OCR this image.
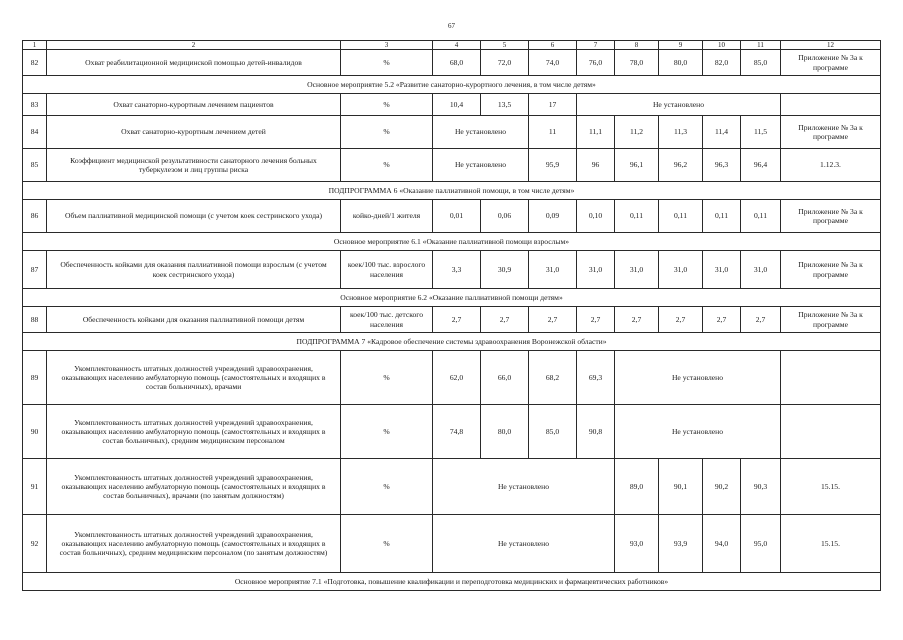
67
1	2	3	4	5	6	7	8	9	10	11	12
82	Охват реабилитационной медицинской помощью детей-инвалидов	%	68,0	72,0	74,0	76,0	78,0	80,0	82,0	85,0	Приложение № 3а к программе
Основное мероприятие 5.2 «Развитие санаторно-курортного лечения, в том числе детям»											
83	Охват санаторно-курортным лечением пациентов	%	10,4	13,5	17	Не установлено					
84	Охват санаторно-курортным лечением детей	%	Не установлено		11	11,1	11,2	11,3	11,4	11,5	Приложение № 3а к программе
85	Коэффициент медицинской результативности санаторного лечения больных туберкулезом и лиц группы риска	%	Не установлено		95,9	96	96,1	96,2	96,3	96,4	1.12.3.
ПОДПРОГРАММА 6 «Оказание паллиативной помощи, в том числе детям»											
86	Объем паллиативной медицинской помощи (с учетом коек сестринского ухода)	койко-дней/1 жителя	0,01	0,06	0,09	0,10	0,11	0,11	0,11	0,11	Приложение № 3а к программе
Основное мероприятие 6.1 «Оказание паллиативной помощи взрослым»											
87	Обеспеченность койками для оказания паллиативной помощи взрослым (с учетом коек сестринского ухода)	коек/100 тыс. взрослого населения	3,3	30,9	31,0	31,0	31,0	31,0	31,0	31,0	Приложение № 3а к программе
Основное мероприятие 6.2 «Оказание паллиативной помощи детям»											
88	Обеспеченность койками для оказания паллиативной помощи детям	коек/100 тыс. детского населения	2,7	2,7	2,7	2,7	2,7	2,7	2,7	2,7	Приложение № 3а к программе
ПОДПРОГРАММА 7 «Кадровое обеспечение системы здравоохранения Воронежской области»											
89	Укомплектованность штатных должностей учреждений здравоохранения, оказывающих населению амбулаторную помощь (самостоятельных и входящих в состав больничных), врачами	%	62,0	66,0	68,2	69,3	Не установлено				
90	Укомплектованность штатных должностей учреждений здравоохранения, оказывающих населению амбулаторную помощь (самостоятельных и входящих в состав больничных), средним медицинским персоналом	%	74,8	80,0	85,0	90,8	Не установлено				
91	Укомплектованность штатных должностей учреждений здравоохранения, оказывающих населению амбулаторную помощь (самостоятельных и входящих в состав больничных), врачами (по занятым должностям)	%	Не установлено				89,0	90,1	90,2	90,3	15.15.
92	Укомплектованность штатных должностей учреждений здравоохранения, оказывающих населению амбулаторную помощь (самостоятельных и входящих в состав больничных), средним медицинским персоналом (по занятым должностям)	%	Не установлено				93,0	93,9	94,0	95,0	15.15.
Основное мероприятие 7.1 «Подготовка, повышение квалификации и переподготовка медицинских и фармацевтических работников»											
